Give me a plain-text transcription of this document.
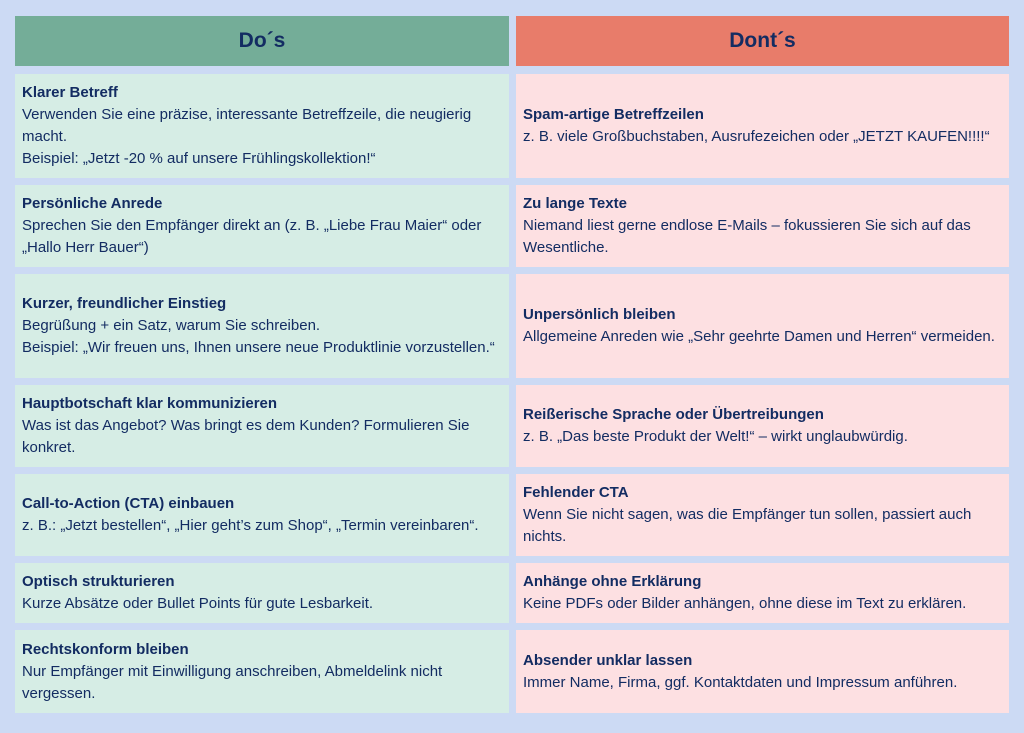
Do´s	Dont´s
Klarer Betreff
Verwenden Sie eine präzise, interessante Betreffzeile, die neugierig macht.
Beispiel: „Jetzt -20 % auf unsere Frühlingskollektion!“
Spam-artige Betreffzeilen
z. B. viele Großbuchstaben, Ausrufezeichen oder „JETZT KAUFEN!!!!“
Persönliche Anrede
Sprechen Sie den Empfänger direkt an (z. B. „Liebe Frau Maier“ oder „Hallo Herr Bauer“)
Zu lange Texte
Niemand liest gerne endlose E-Mails – fokussieren Sie sich auf das Wesentliche.
Kurzer, freundlicher Einstieg
Begrüßung + ein Satz, warum Sie schreiben.
Beispiel: „Wir freuen uns, Ihnen unsere neue Produktlinie vorzustellen.“
Unpersönlich bleiben
Allgemeine Anreden wie „Sehr geehrte Damen und Herren“ vermeiden.
Hauptbotschaft klar kommunizieren
Was ist das Angebot? Was bringt es dem Kunden? Formulieren Sie konkret.
Reißerische Sprache oder Übertreibungen
z. B. „Das beste Produkt der Welt!“ – wirkt unglaubwürdig.
Call-to-Action (CTA) einbauen
z. B.: „Jetzt bestellen“, „Hier geht’s zum Shop“, „Termin vereinbaren“.
Fehlender CTA
Wenn Sie nicht sagen, was die Empfänger tun sollen, passiert auch nichts.
Optisch strukturieren
Kurze Absätze oder Bullet Points für gute Lesbarkeit.
Anhänge ohne Erklärung
Keine PDFs oder Bilder anhängen, ohne diese im Text zu erklären.
Rechtskonform bleiben
Nur Empfänger mit Einwilligung anschreiben, Abmeldelink nicht vergessen.
Absender unklar lassen
Immer Name, Firma, ggf. Kontaktdaten und Impressum anführen.
